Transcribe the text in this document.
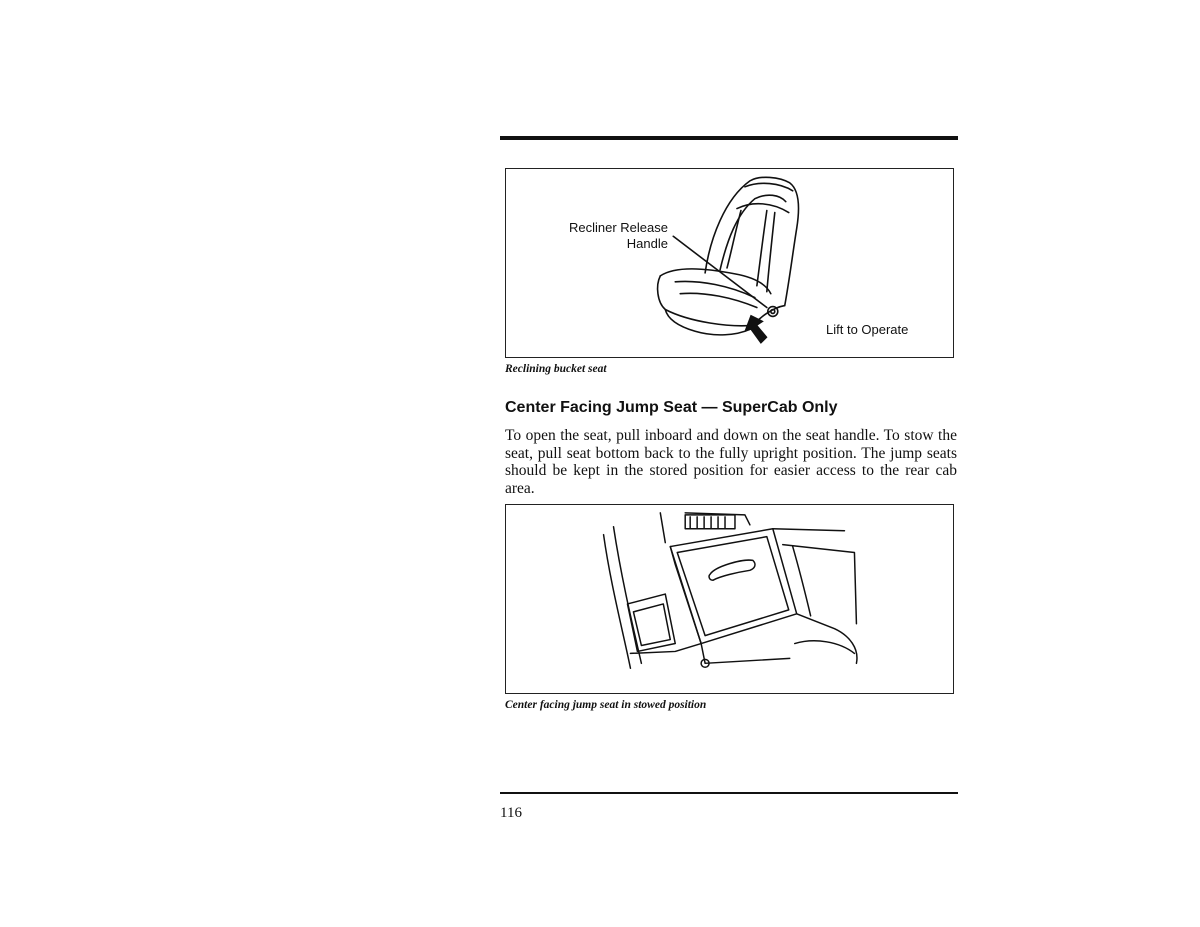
Recliner Release
Handle
Lift to Operate
Reclining bucket seat
Center Facing Jump Seat — SuperCab Only
To open the seat, pull inboard and down on the seat handle. To stow the seat, pull seat bottom back to the fully upright position. The jump seats should be kept in the stored position for easier access to the rear cab area.
Center facing jump seat in stowed position
116
